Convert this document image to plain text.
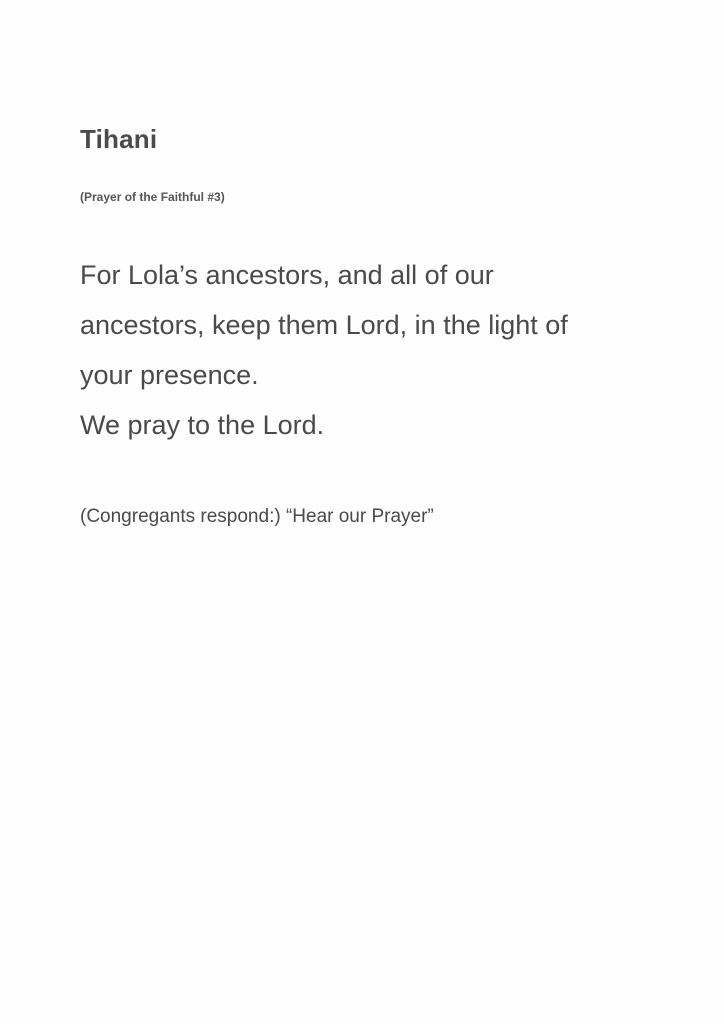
Tihani

(Prayer of the Faithful #3)

For Lola’s ancestors, and all of our
ancestors, keep them Lord, in the light of
your presence.
We pray to the Lord.

(Congregants respond:) “Hear our Prayer”
